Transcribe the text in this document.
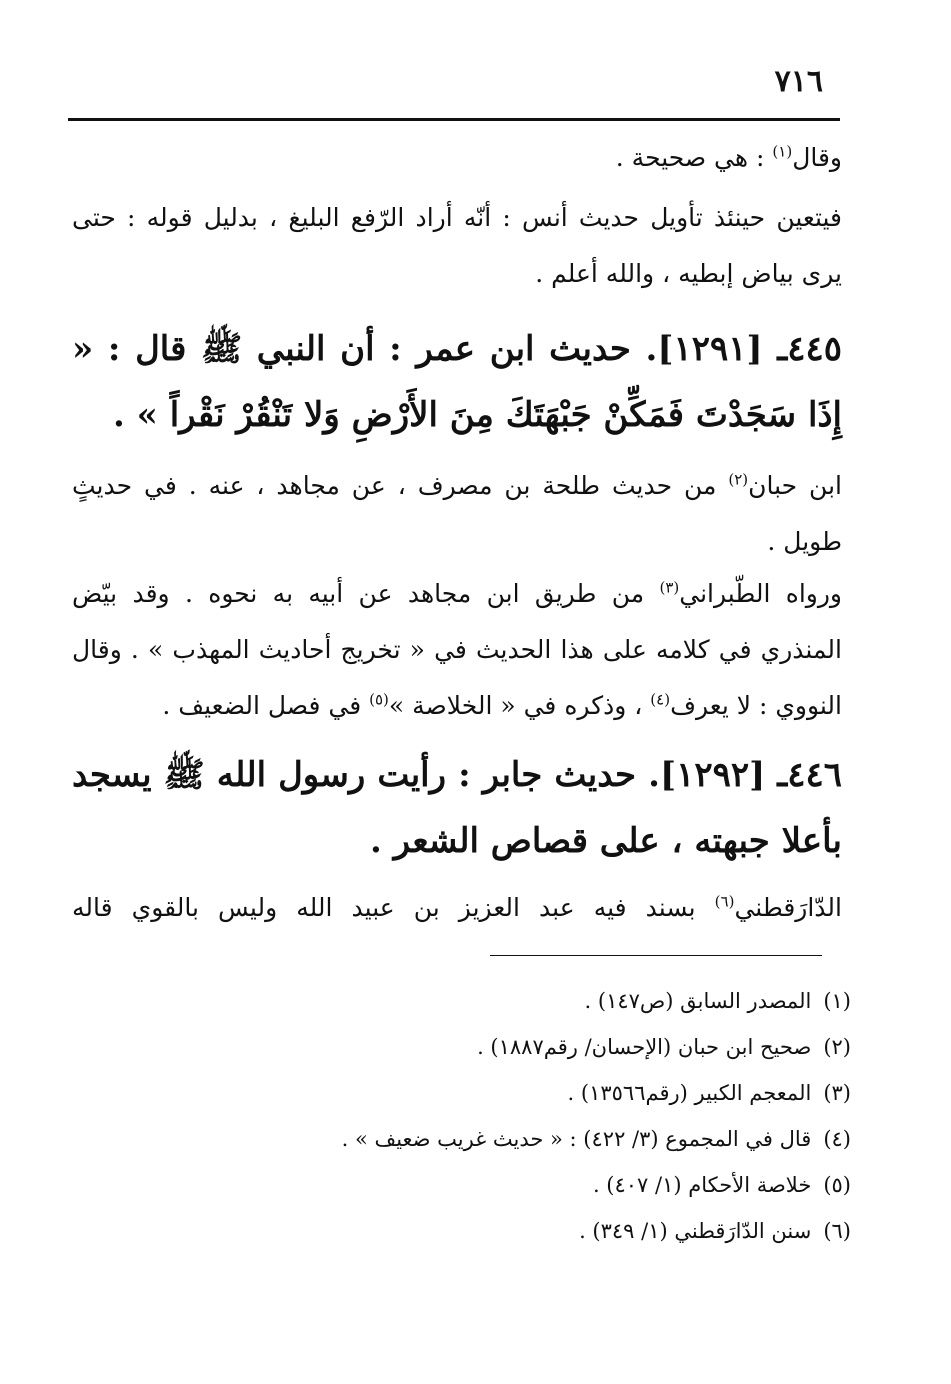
٧١٦

وقال$^{(١)}$ : هي صحيحة .

فيتعين حينئذ تأويل حديث أنس : أنّه أراد الرّفع البليغ ، بدليل قوله : حتى يرى بياض إبطيه ، والله أعلم .

٤٤٥ـ [١٢٩١]. حديث ابن عمر : أن النبي ﷺ قال : « إِذَا سَجَدْتَ فَمَكِّنْ جَبْهَتَكَ مِنَ الأَرْضِ وَلا تَنْقُرْ نَقْراً » .

ابن حبان$^{(٢)}$ من حديث طلحة بن مصرف ، عن مجاهد ، عنه . في حديثٍ طويل .

ورواه الطّبراني$^{(٣)}$ من طريق ابن مجاهد عن أبيه به نحوه . وقد بيّض المنذري في كلامه على هذا الحديث في « تخريج أحاديث المهذب » . وقال النووي : لا يعرف$^{(٤)}$ ، وذكره في « الخلاصة »$^{(٥)}$ في فصل الضعيف .

٤٤٦ـ [١٢٩٢]. حديث جابر : رأيت رسول الله ﷺ يسجد بأعلا جبهته ، على قصاص الشعر .

الدّارَقطني$^{(٦)}$ بسند فيه عبد العزيز بن عبيد الله وليس بالقوي قاله

(١)المصدر السابق (ص١٤٧) .
(٢)صحيح ابن حبان (الإحسان/ رقم١٨٨٧) .
(٣)المعجم الكبير (رقم١٣٥٦٦) .
(٤)قال في المجموع (٣/ ٤٢٢) : « حديث غريب ضعيف » .
(٥)خلاصة الأحكام (١/ ٤٠٧) .
(٦)سنن الدّارَقطني (١/ ٣٤٩) .
